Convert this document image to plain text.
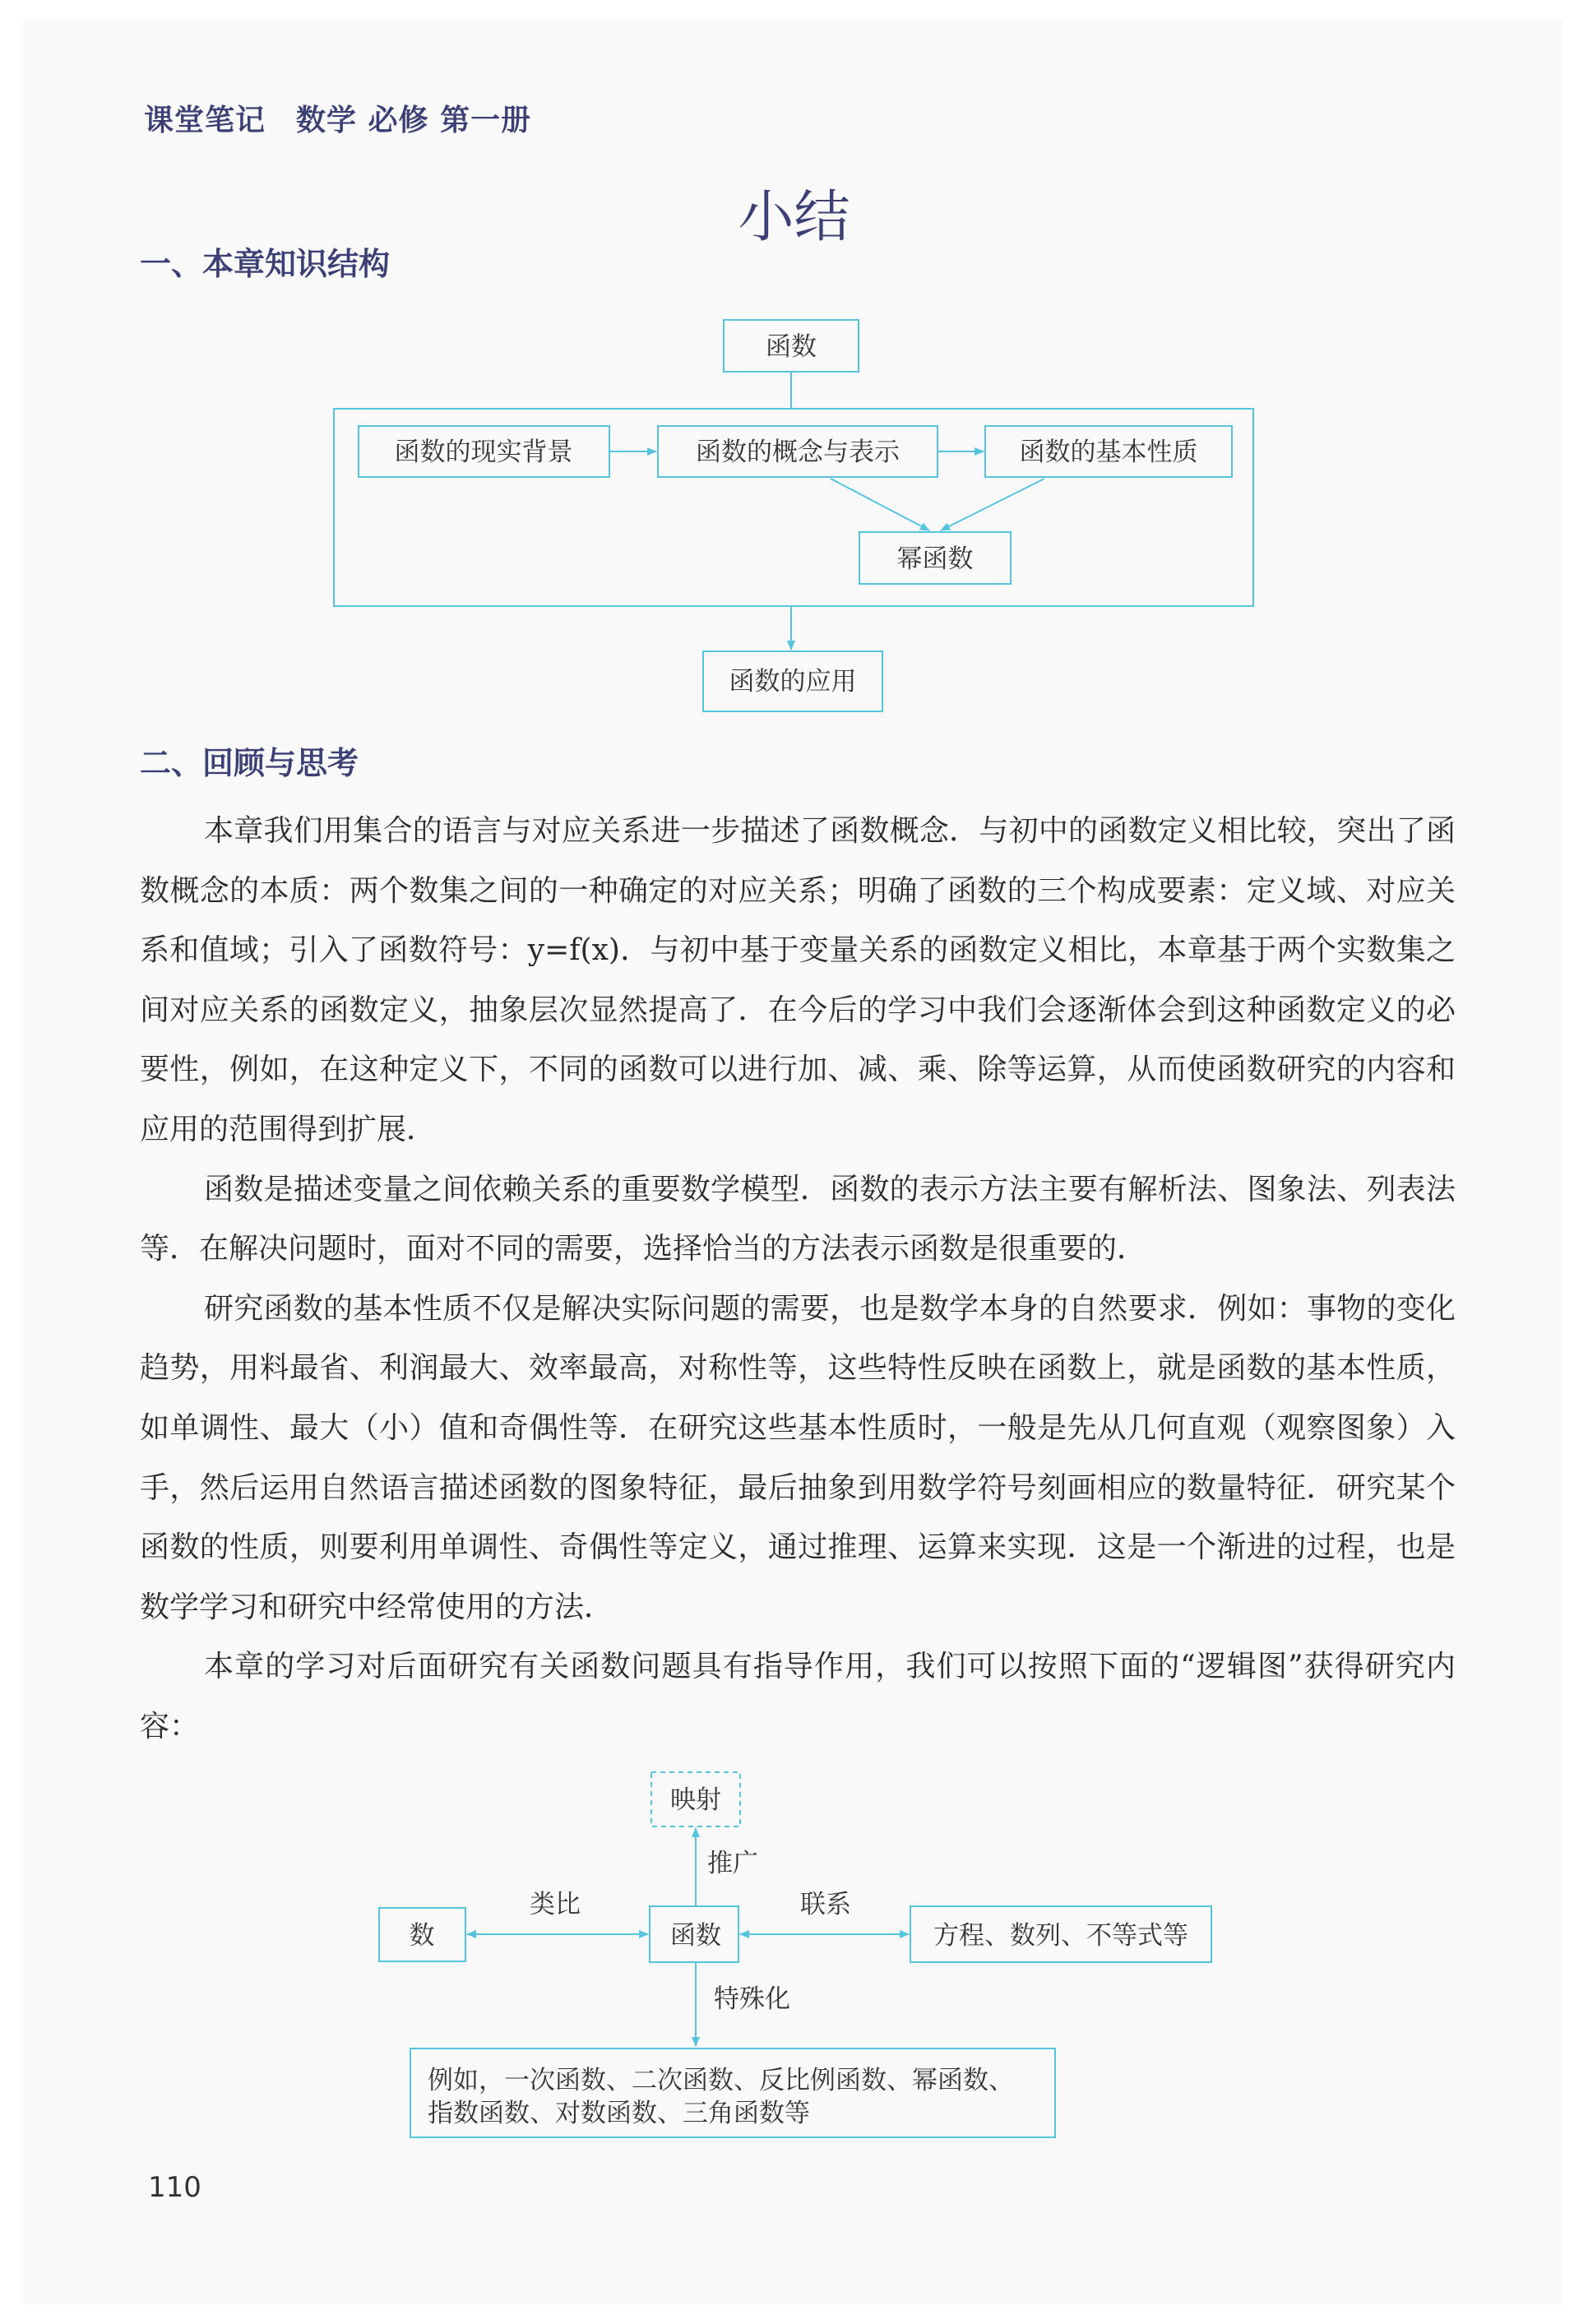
课堂笔记　数学 必修 第一册
小结
一、本章知识结构
函数
函数的现实背景	函数的概念与表示	函数的基本性质
幂函数
函数的应用
二、回顾与思考

本章我们用集合的语言与对应关系进一步描述了函数概念．与初中的函数定义相比较，突出了函数概念的本质：两个数集之间的一种确定的对应关系；明确了函数的三个构成要素：定义域、对应关系和值域；引入了函数符号：y=f(x)．与初中基于变量关系的函数定义相比，本章基于两个实数集之间对应关系的函数定义，抽象层次显然提高了．在今后的学习中我们会逐渐体会到这种函数定义的必要性，例如，在这种定义下，不同的函数可以进行加、减、乘、除等运算，从而使函数研究的内容和应用的范围得到扩展．

函数是描述变量之间依赖关系的重要数学模型．函数的表示方法主要有解析法、图象法、列表法等．在解决问题时，面对不同的需要，选择恰当的方法表示函数是很重要的．

研究函数的基本性质不仅是解决实际问题的需要，也是数学本身的自然要求．例如：事物的变化趋势，用料最省、利润最大、效率最高，对称性等，这些特性反映在函数上，就是函数的基本性质，如单调性、最大（小）值和奇偶性等．在研究这些基本性质时，一般是先从几何直观（观察图象）入手，然后运用自然语言描述函数的图象特征，最后抽象到用数学符号刻画相应的数量特征．研究某个函数的性质，则要利用单调性、奇偶性等定义，通过推理、运算来实现．这是一个渐进的过程，也是数学学习和研究中经常使用的方法．

本章的学习对后面研究有关函数问题具有指导作用，我们可以按照下面的“逻辑图”获得研究内容：

映射
推广
数
类比
函数
联系
方程、数列、不等式等
特殊化
例如，一次函数、二次函数、反比例函数、幂函数、
指数函数、对数函数、三角函数等
110
